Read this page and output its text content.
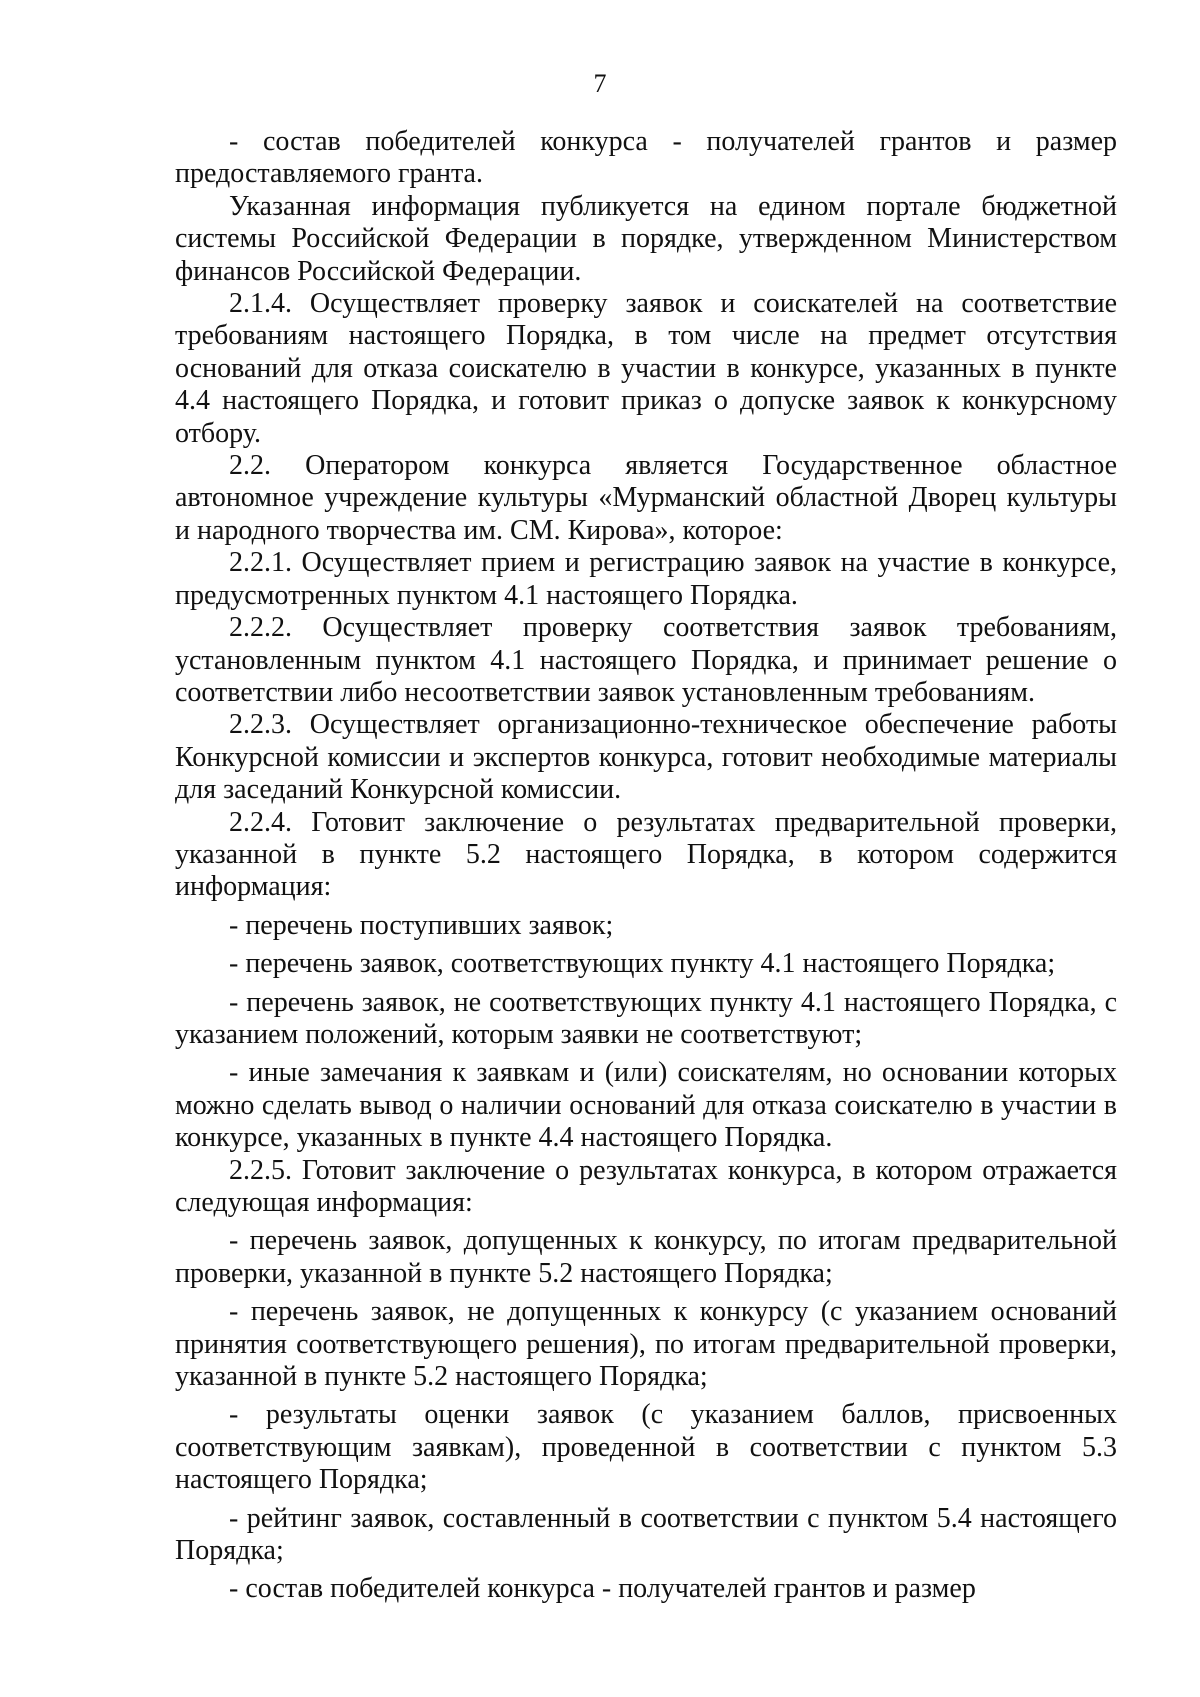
7

- состав победителей конкурса - получателей грантов и размер предоставляемого гранта.

Указанная информация публикуется на едином портале бюджетной системы Российской Федерации в порядке, утвержденном Министерством финансов Российской Федерации.

2.1.4. Осуществляет проверку заявок и соискателей на соответствие требованиям настоящего Порядка, в том числе на предмет отсутствия оснований для отказа соискателю в участии в конкурсе, указанных в пункте 4.4 настоящего Порядка, и готовит приказ о допуске заявок к конкурсному отбору.

2.2. Оператором конкурса является Государственное областное автономное учреждение культуры «Мурманский областной Дворец культуры и народного творчества им. СМ. Кирова», которое:

2.2.1. Осуществляет прием и регистрацию заявок на участие в конкурсе, предусмотренных пунктом 4.1 настоящего Порядка.

2.2.2. Осуществляет проверку соответствия заявок требованиям, установленным пунктом 4.1 настоящего Порядка, и принимает решение о соответствии либо несоответствии заявок установленным требованиям.

2.2.3. Осуществляет организационно-техническое обеспечение работы Конкурсной комиссии и экспертов конкурса, готовит необходимые материалы для заседаний Конкурсной комиссии.

2.2.4. Готовит заключение о результатах предварительной проверки, указанной в пункте 5.2 настоящего Порядка, в котором содержится информация:

- перечень поступивших заявок;

- перечень заявок, соответствующих пункту 4.1 настоящего Порядка;

- перечень заявок, не соответствующих пункту 4.1 настоящего Порядка, с указанием положений, которым заявки не соответствуют;

- иные замечания к заявкам и (или) соискателям, но основании которых можно сделать вывод о наличии оснований для отказа соискателю в участии в конкурсе, указанных в пункте 4.4 настоящего Порядка.

2.2.5. Готовит заключение о результатах конкурса, в котором отражается следующая информация:

- перечень заявок, допущенных к конкурсу, по итогам предварительной проверки, указанной в пункте 5.2 настоящего Порядка;

- перечень заявок, не допущенных к конкурсу (с указанием оснований принятия соответствующего решения), по итогам предварительной проверки, указанной в пункте 5.2 настоящего Порядка;

- результаты оценки заявок (с указанием баллов, присвоенных соответствующим заявкам), проведенной в соответствии с пунктом 5.3 настоящего Порядка;

- рейтинг заявок, составленный в соответствии с пунктом 5.4 настоящего Порядка;

- состав победителей конкурса - получателей грантов и размер
